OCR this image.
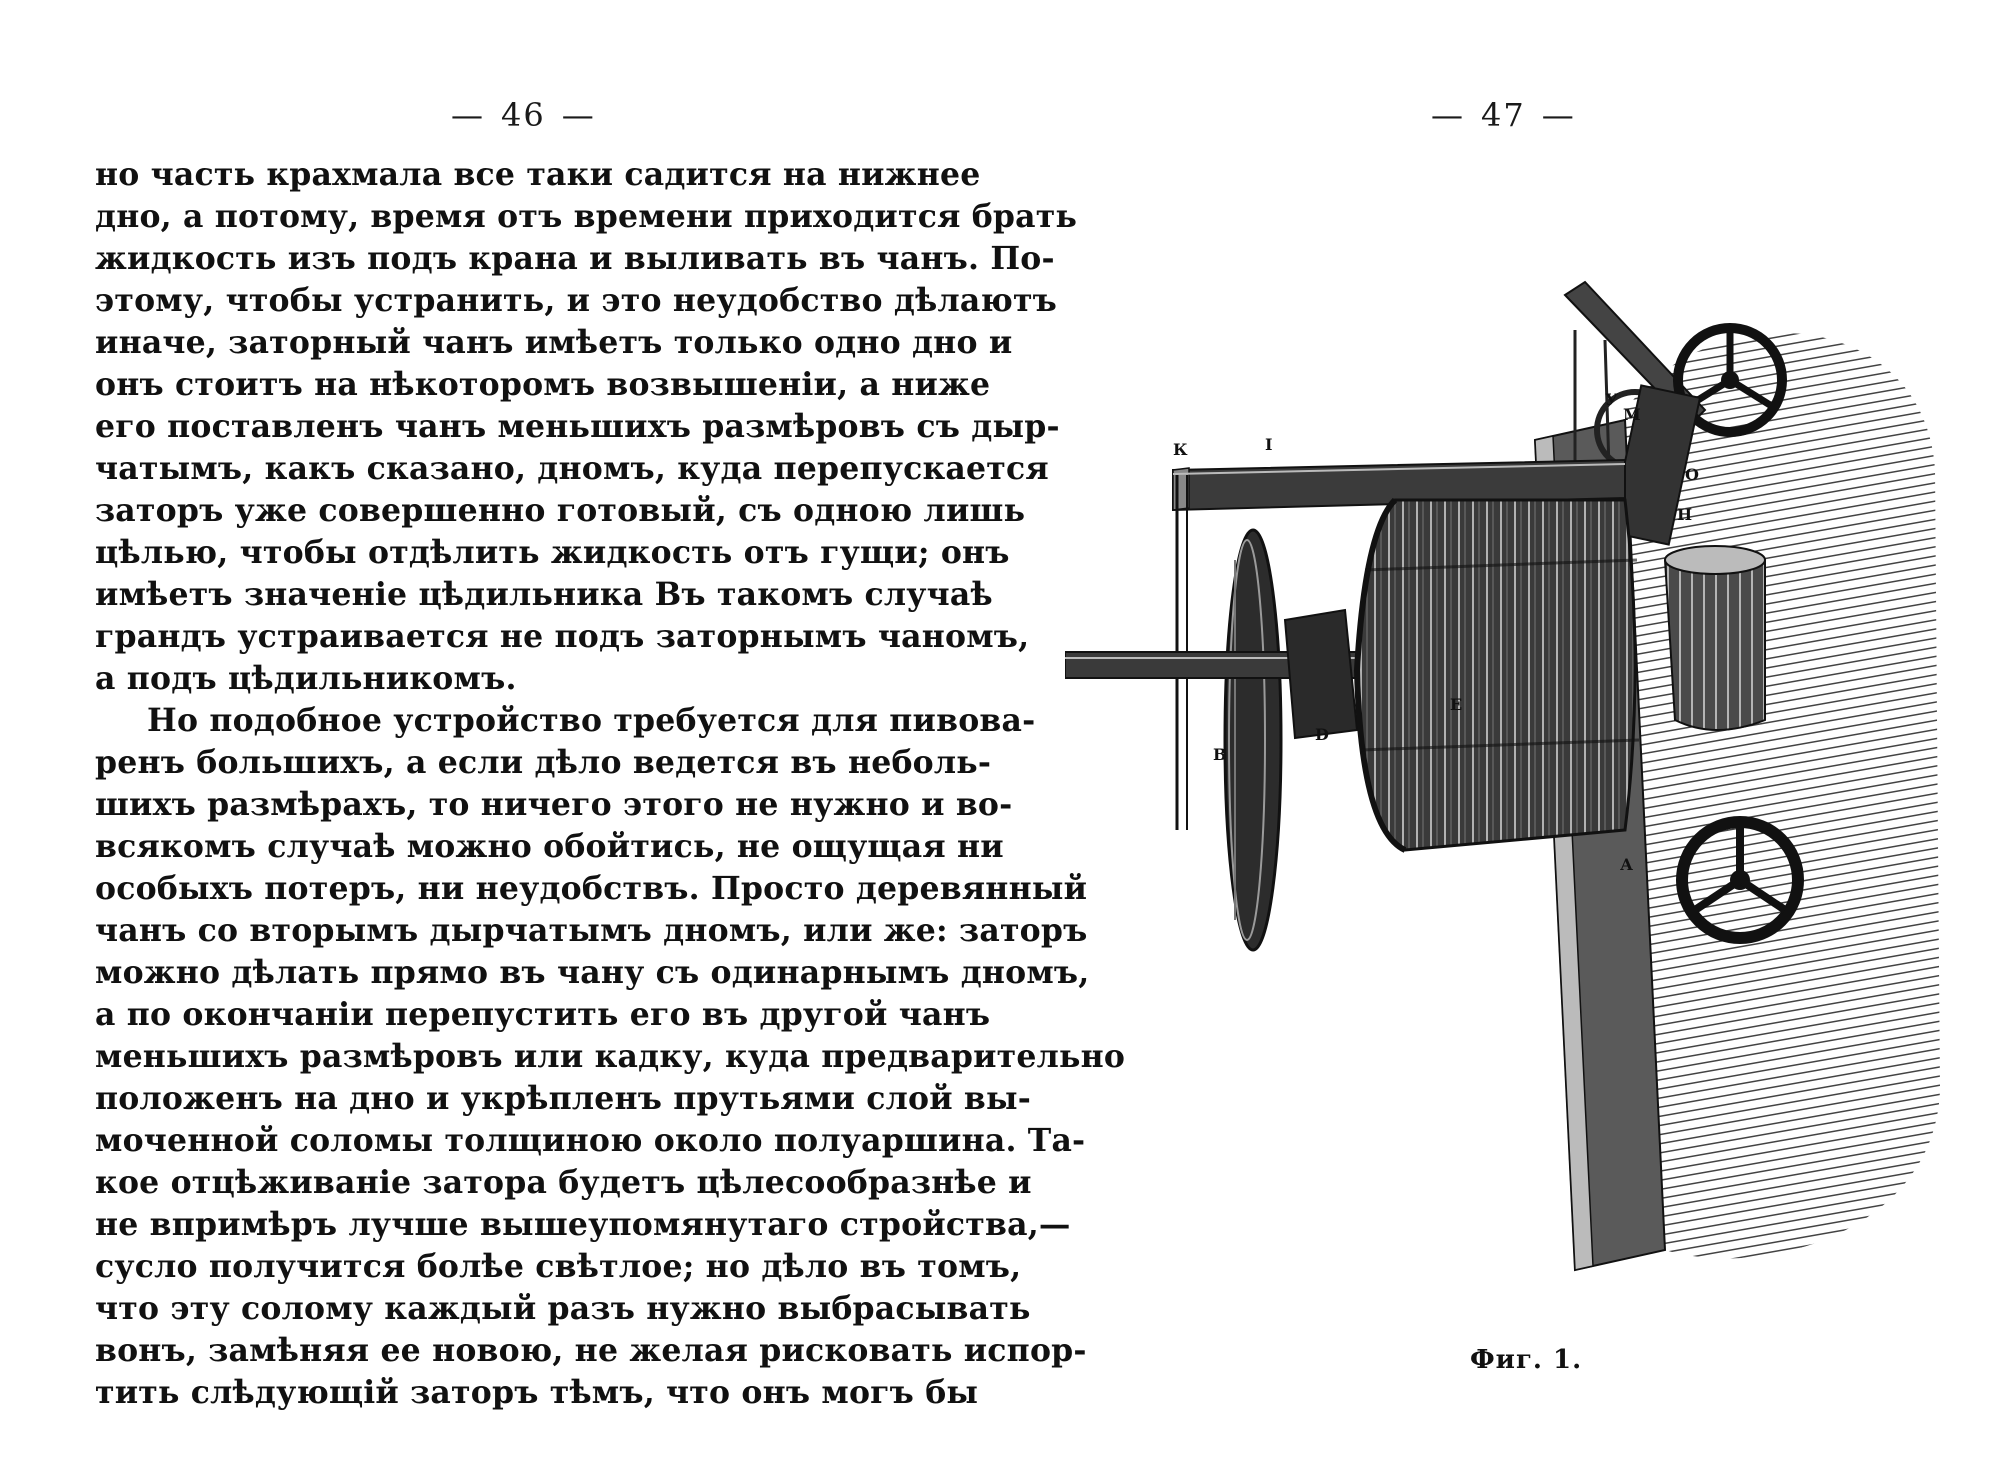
— 46 —
но часть крахмала все таки садится на нижнее
дно, а потому, время отъ времени приходится брать
жидкость изъ подъ крана и выливать въ чанъ. По-
этому, чтобы устранить, и это неудобство дѣлаютъ
иначе, заторный чанъ имѣетъ только одно дно и
онъ стоитъ на нѣкоторомъ возвышеніи, а ниже
его поставленъ чанъ меньшихъ размѣровъ съ дыр-
чатымъ, какъ сказано, дномъ, куда перепускается
заторъ уже совершенно готовый, съ одною лишь
цѣлью, чтобы отдѣлить жидкость отъ гущи; онъ
имѣетъ значеніе цѣдильника Въ такомъ случаѣ
грандъ устраивается не подъ заторнымъ чаномъ,
а подъ цѣдильникомъ.
Но подобное устройство требуется для пивова-
ренъ большихъ, а если дѣло ведется въ неболь-
шихъ размѣрахъ, то ничего этого не нужно и во-
всякомъ случаѣ можно обойтись, не ощущая ни
особыхъ потеръ, ни неудобствъ. Просто деревянный
чанъ со вторымъ дырчатымъ дномъ, или же: заторъ
можно дѣлать прямо въ чану съ одинарнымъ дномъ,
а по окончаніи перепустить его въ другой чанъ
меньшихъ размѣровъ или кадку, куда предварительно
положенъ на дно и укрѣпленъ прутьями слой вы-
моченной соломы толщиною около полуаршина. Та-
кое отцѣживаніе затора будетъ цѣлесообразнѣе и
не впримѣръ лучше вышеупомянутаго стройства,—
сусло получится болѣе свѣтлое; но дѣло въ томъ,
что эту солому каждый разъ нужно выбрасывать
вонъ, замѣняя ее новою, не желая рисковать испор-
тить слѣдующій заторъ тѣмъ, что онъ могъ бы
— 47 —
К	I
Е
D
В
А
Н
О
М
У
Фиг. 1.
